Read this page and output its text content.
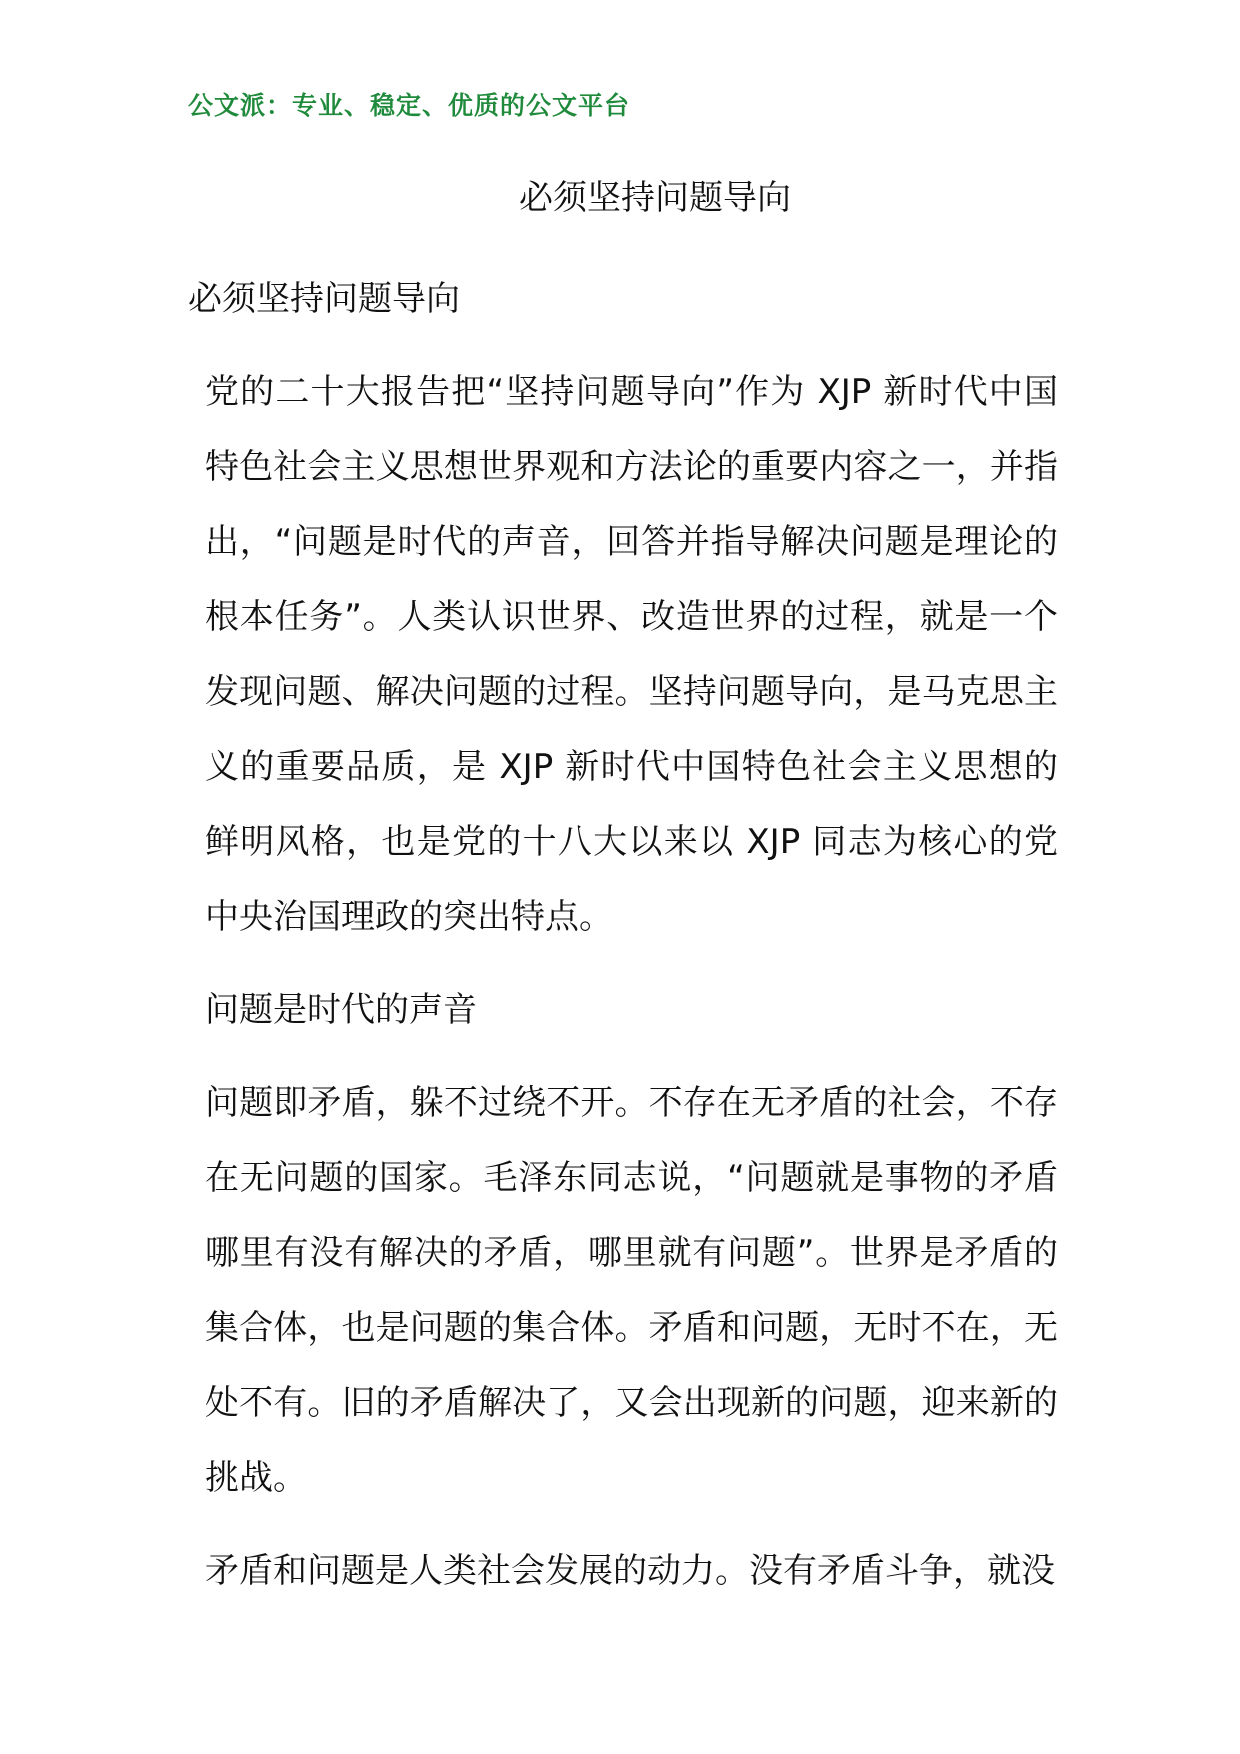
公文派：专业、稳定、优质的公文平台
必须坚持问题导向

必须坚持问题导向

党的二十大报告把“坚持问题导向”作为 XJP 新时代中国特色社会主义思想世界观和方法论的重要内容之一，并指出，“问题是时代的声音，回答并指导解决问题是理论的根本任务”。人类认识世界、改造世界的过程，就是一个发现问题、解决问题的过程。坚持问题导向，是马克思主义的重要品质，是 XJP 新时代中国特色社会主义思想的鲜明风格，也是党的十八大以来以 XJP 同志为核心的党中央治国理政的突出特点。

问题是时代的声音

问题即矛盾，躲不过绕不开。不存在无矛盾的社会，不存在无问题的国家。毛泽东同志说，“问题就是事物的矛盾哪里有没有解决的矛盾，哪里就有问题”。世界是矛盾的集合体，也是问题的集合体。矛盾和问题，无时不在，无处不有。旧的矛盾解决了，又会出现新的问题，迎来新的挑战。

矛盾和问题是人类社会发展的动力。没有矛盾斗争，就没
